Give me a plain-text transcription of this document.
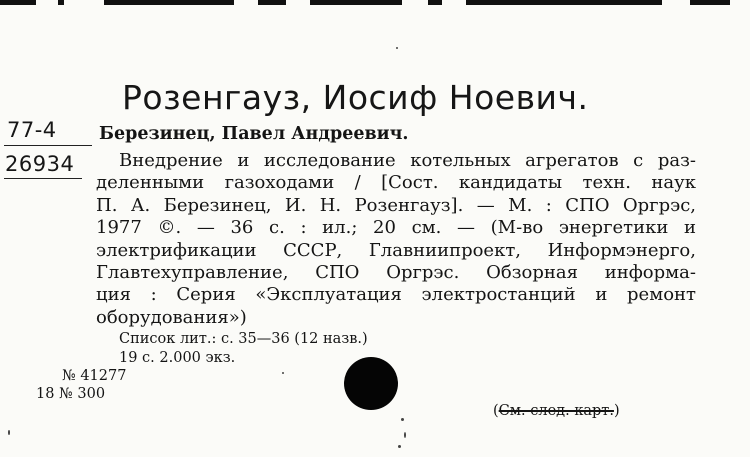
Розенгауз, Иосиф Ноевич.
77-4
26934
Березинец, Павел Андреевич.
Внедрение и исследование котельных агрегатов с раз-
деленными газоходами / [Сост. кандидаты техн. наук
П. А. Березинец, И. Н. Розенгауз]. — М. : СПО Оргрэс,
1977 ©. — 36 с. : ил.; 20 см. — (М-во энергетики и
электрификации СССР, Главниипроект, Информэнерго,
Главтехуправление, СПО Оргрэс. Обзорная информа-
ция : Серия «Эксплуатация электростанций и ремонт
оборудования»)
Список лит.: с. 35—36 (12 назв.)
19 с. 2.000 экз.
№ 41277
18 № 300
(См. след. карт.)
